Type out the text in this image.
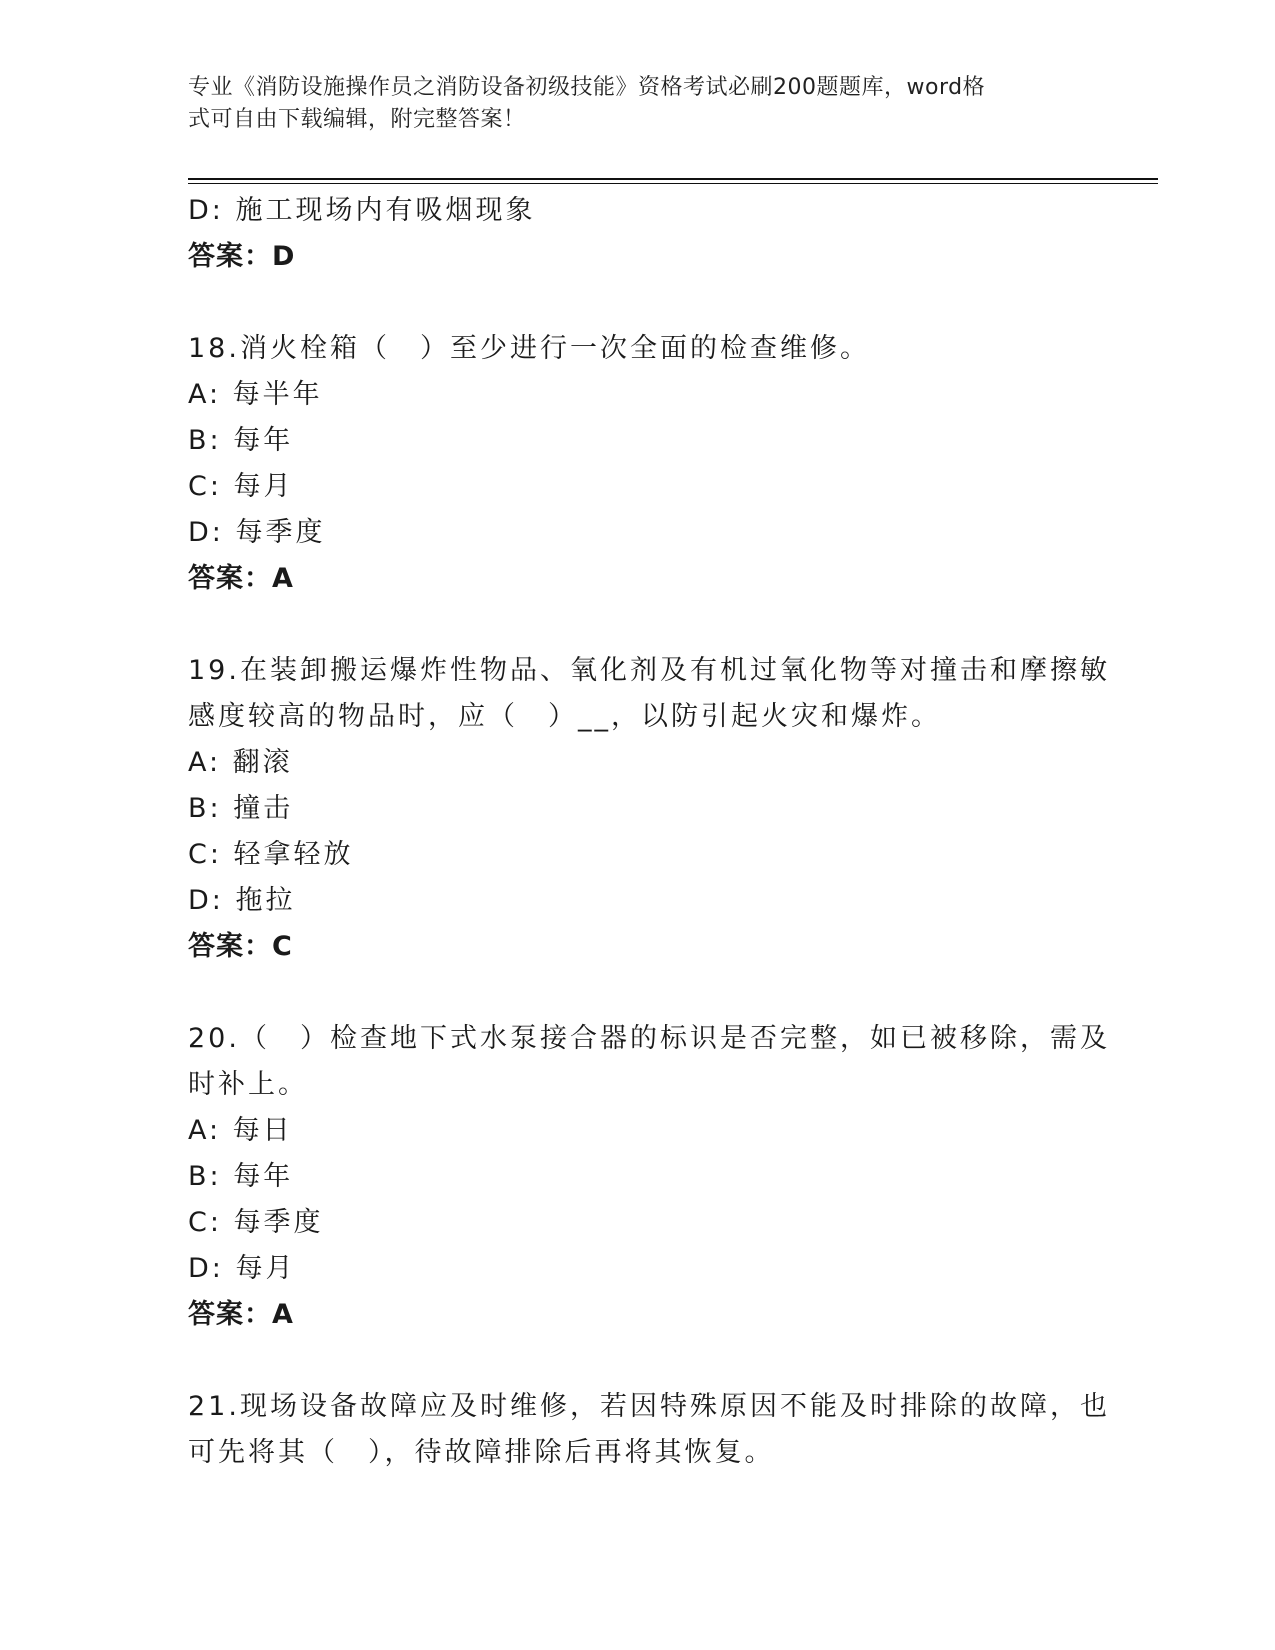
专业《消防设施操作员之消防设备初级技能》资格考试必刷200题题库，word格
式可自由下载编辑，附完整答案！
D: 施工现场内有吸烟现象
答案：D
18.消火栓箱（　）至少进行一次全面的检查维修。
A: 每半年
B: 每年
C: 每月
D: 每季度
答案：A
19.在装卸搬运爆炸性物品、氧化剂及有机过氧化物等对撞击和摩擦敏
感度较高的物品时，应（　）__，以防引起火灾和爆炸。
A: 翻滚
B: 撞击
C: 轻拿轻放
D: 拖拉
答案：C
20.（　）检查地下式水泵接合器的标识是否完整，如已被移除，需及
时补上。
A: 每日
B: 每年
C: 每季度
D: 每月
答案：A
21.现场设备故障应及时维修，若因特殊原因不能及时排除的故障，也
可先将其（　），待故障排除后再将其恢复。
